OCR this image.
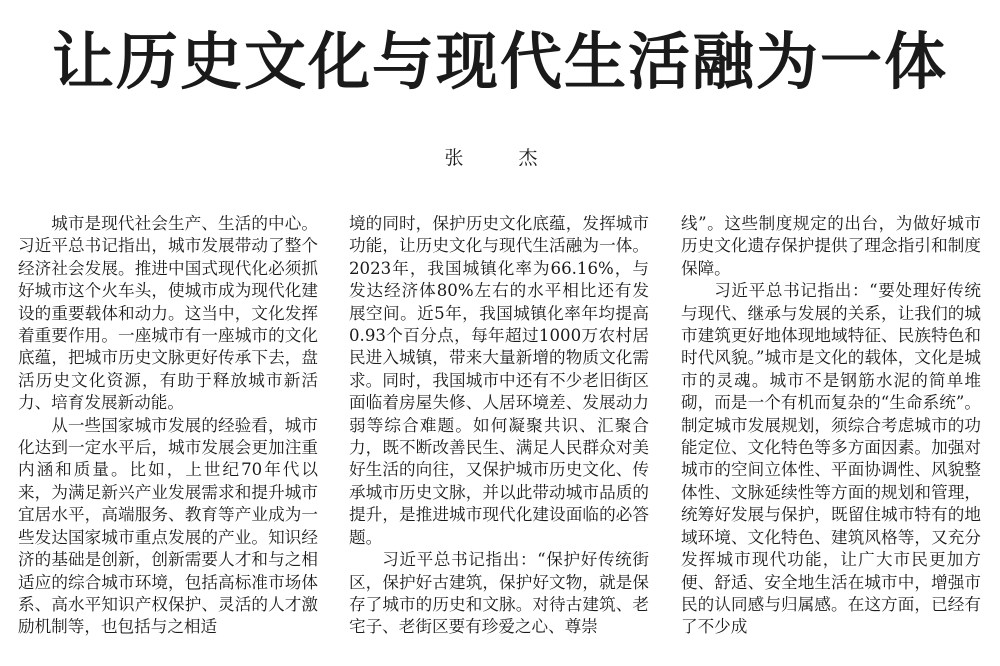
让历史文化与现代生活融为一体
张　杰

城市是现代社会生产、生活的中心。习近平总书记指出，城市发展带动了整个经济社会发展。推进中国式现代化必须抓好城市这个火车头，使城市成为现代化建设的重要载体和动力。这当中，文化发挥着重要作用。一座城市有一座城市的文化底蕴，把城市历史文脉更好传承下去，盘活历史文化资源，有助于释放城市新活力、培育发展新动能。

从一些国家城市发展的经验看，城市化达到一定水平后，城市发展会更加注重内涵和质量。比如，上世纪70年代以来，为满足新兴产业发展需求和提升城市宜居水平，高端服务、教育等产业成为一些发达国家城市重点发展的产业。知识经济的基础是创新，创新需要人才和与之相适应的综合城市环境，包括高标准市场体系、高水平知识产权保护、灵活的人才激励机制等，也包括与之相适

境的同时，保护历史文化底蕴，发挥城市功能，让历史文化与现代生活融为一体。2023年，我国城镇化率为66.16%，与发达经济体80%左右的水平相比还有发展空间。近5年，我国城镇化率年均提高0.93个百分点，每年超过1000万农村居民进入城镇，带来大量新增的物质文化需求。同时，我国城市中还有不少老旧街区面临着房屋失修、人居环境差、发展动力弱等综合难题。如何凝聚共识、汇聚合力，既不断改善民生、满足人民群众对美好生活的向往，又保护城市历史文化、传承城市历史文脉，并以此带动城市品质的提升，是推进城市现代化建设面临的必答题。

习近平总书记指出：“保护好传统街区，保护好古建筑，保护好文物，就是保存了城市的历史和文脉。对待古建筑、老宅子、老街区要有珍爱之心、尊崇

线”。这些制度规定的出台，为做好城市历史文化遗存保护提供了理念指引和制度保障。

习近平总书记指出：“要处理好传统与现代、继承与发展的关系，让我们的城市建筑更好地体现地域特征、民族特色和时代风貌。”城市是文化的载体，文化是城市的灵魂。城市不是钢筋水泥的简单堆砌，而是一个有机而复杂的“生命系统”。制定城市发展规划，须综合考虑城市的功能定位、文化特色等多方面因素。加强对城市的空间立体性、平面协调性、风貌整体性、文脉延续性等方面的规划和管理，统筹好发展与保护，既留住城市特有的地域环境、文化特色、建筑风格等，又充分发挥城市现代功能，让广大市民更加方便、舒适、安全地生活在城市中，增强市民的认同感与归属感。在这方面，已经有了不少成
